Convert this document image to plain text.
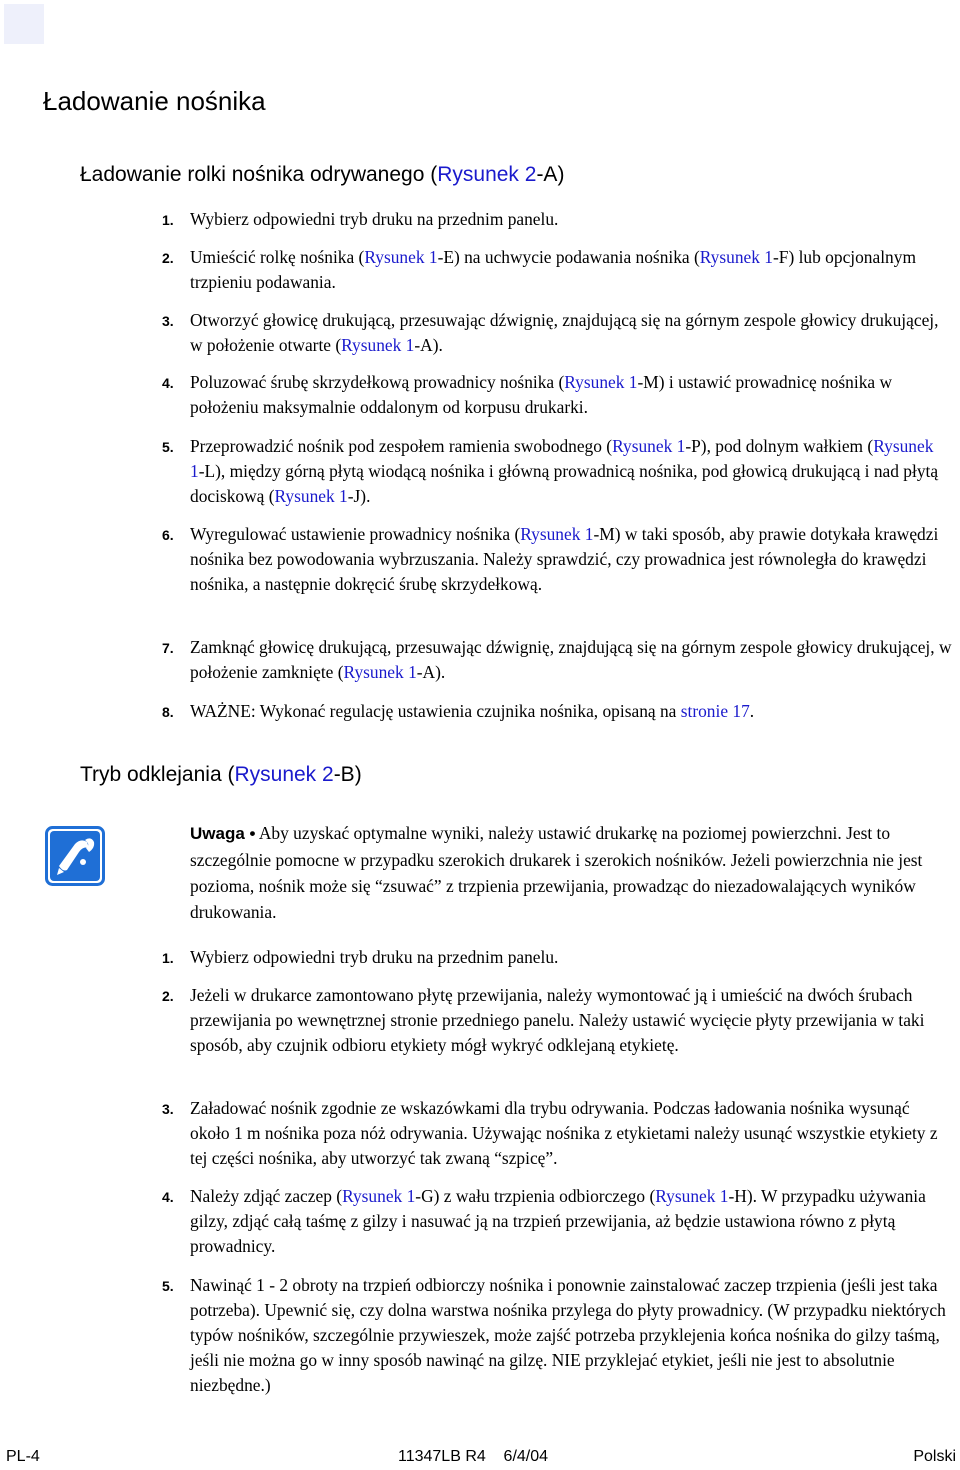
Ładowanie nośnika
Ładowanie rolki nośnika odrywanego (Rysunek 2-A)
1. Wybierz odpowiedni tryb druku na przednim panelu.
2. Umieścić rolkę nośnika (Rysunek 1-E) na uchwycie podawania nośnika (Rysunek 1-F) lub opcjonalnym trzpieniu podawania.
3. Otworzyć głowicę drukującą, przesuwając dźwignię, znajdującą się na górnym zespole głowicy drukującej, w położenie otwarte (Rysunek 1-A).
4. Poluzować śrubę skrzydełkową prowadnicy nośnika (Rysunek 1-M) i ustawić prowadnicę nośnika w położeniu maksymalnie oddalonym od korpusu drukarki.
5. Przeprowadzić nośnik pod zespołem ramienia swobodnego (Rysunek 1-P), pod dolnym wałkiem (Rysunek 1-L), między górną płytą wiodącą nośnika i główną prowadnicą nośnika, pod głowicą drukującą i nad płytą dociskową (Rysunek 1-J).
6. Wyregulować ustawienie prowadnicy nośnika (Rysunek 1-M) w taki sposób, aby prawie dotykała krawędzi nośnika bez powodowania wybrzuszania. Należy sprawdzić, czy prowadnica jest równoległa do krawędzi nośnika, a następnie dokręcić śrubę skrzydełkową.
7. Zamknąć głowicę drukującą, przesuwając dźwignię, znajdującą się na górnym zespole głowicy drukującej, w położenie zamknięte (Rysunek 1-A).
8. WAŻNE: Wykonać regulację ustawienia czujnika nośnika, opisaną na stronie 17.
Tryb odklejania (Rysunek 2-B)
Uwaga • Aby uzyskać optymalne wyniki, należy ustawić drukarkę na poziomej powierzchni. Jest to szczególnie pomocne w przypadku szerokich drukarek i szerokich nośników. Jeżeli powierzchnia nie jest pozioma, nośnik może się “zsuwać” z trzpienia przewijania, prowadząc do niezadowalających wyników drukowania.
1. Wybierz odpowiedni tryb druku na przednim panelu.
2. Jeżeli w drukarce zamontowano płytę przewijania, należy wymontować ją i umieścić na dwóch śrubach przewijania po wewnętrznej stronie przedniego panelu. Należy ustawić wycięcie płyty przewijania w taki sposób, aby czujnik odbioru etykiety mógł wykryć odklejaną etykietę.
3. Załadować nośnik zgodnie ze wskazówkami dla trybu odrywania. Podczas ładowania nośnika wysunąć około 1 m nośnika poza nóż odrywania. Używając nośnika z etykietami należy usunąć wszystkie etykiety z tej części nośnika, aby utworzyć tak zwaną “szpicę”.
4. Należy zdjąć zaczep (Rysunek 1-G) z wału trzpienia odbiorczego (Rysunek 1-H). W przypadku używania gilzy, zdjąć całą taśmę z gilzy i nasuwać ją na trzpień przewijania, aż będzie ustawiona równo z płytą prowadnicy.
5. Nawinąć 1 - 2 obroty na trzpień odbiorczy nośnika i ponownie zainstalować zaczep trzpienia (jeśli jest taka potrzeba). Upewnić się, czy dolna warstwa nośnika przylega do płyty prowadnicy. (W przypadku niektórych typów nośników, szczególnie przywieszek, może zajść potrzeba przyklejenia końca nośnika do gilzy taśmą, jeśli nie można go w inny sposób nawinąć na gilzę. NIE przyklejać etykiet, jeśli nie jest to absolutnie niezbędne.)
PL-4	11347LB R4    6/4/04	Polski
